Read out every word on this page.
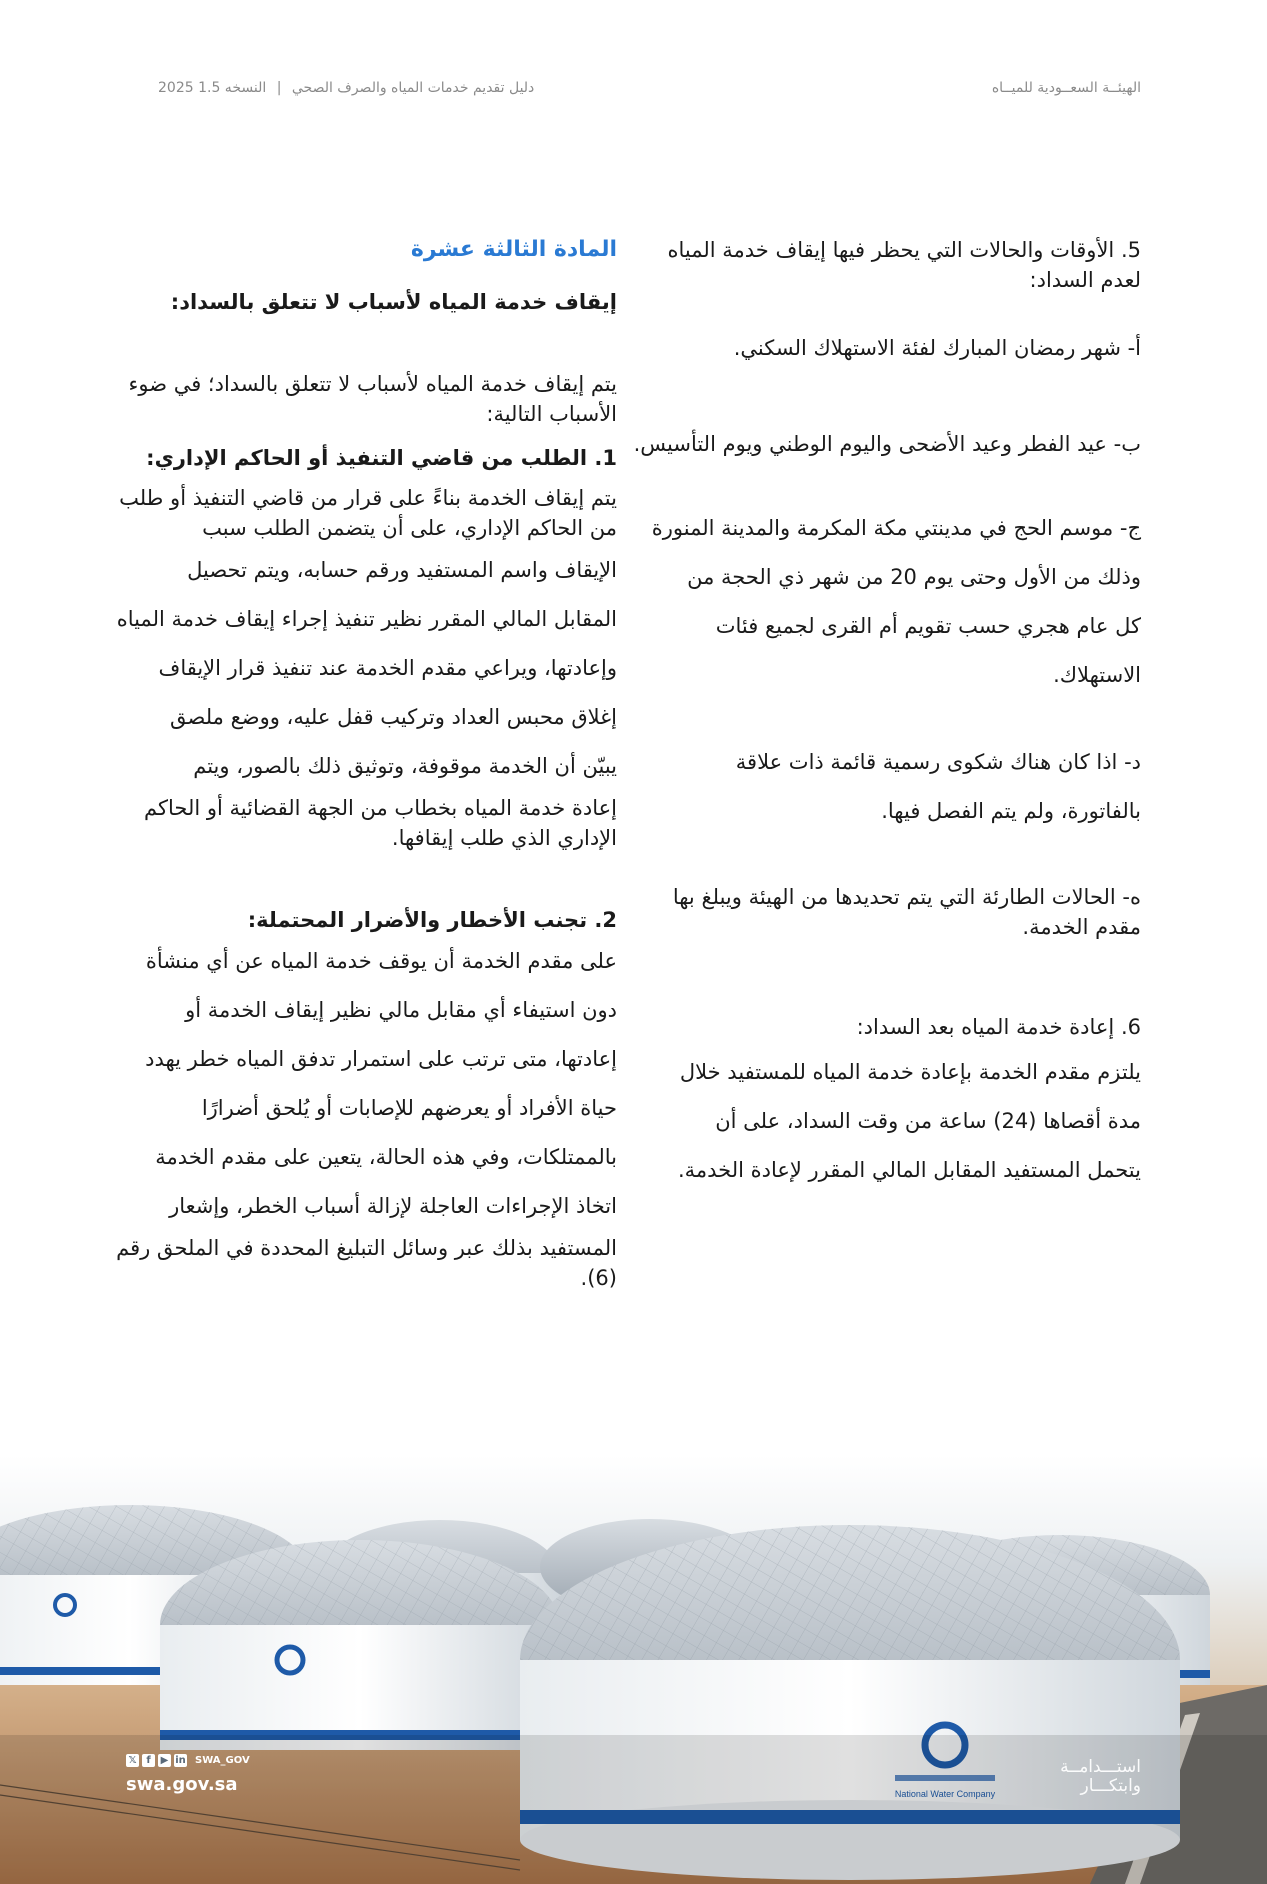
الهيئــة السعــودية للميــاه
دليل تقديم خدمات المياه والصرف الصحي | النسخه 1.5 2025

5. الأوقات والحالات التي يحظر فيها إيقاف خدمة المياه لعدم السداد:

أ- شهر رمضان المبارك لفئة الاستهلاك السكني.

ب- عيد الفطر وعيد الأضحى واليوم الوطني ويوم التأسيس.

ج- موسم الحج في مدينتي مكة المكرمة والمدينة المنورة
وذلك من الأول وحتى يوم 20 من شهر ذي الحجة من
كل عام هجري حسب تقويم أم القرى لجميع فئات
الاستهلاك.
د- اذا كان هناك شكوى رسمية قائمة ذات علاقة
بالفاتورة، ولم يتم الفصل فيها.

ه- الحالات الطارئة التي يتم تحديدها من الهيئة ويبلغ بها مقدم الخدمة.

6. إعادة خدمة المياه بعد السداد:

يلتزم مقدم الخدمة بإعادة خدمة المياه للمستفيد خلال
مدة أقصاها (24) ساعة من وقت السداد، على أن
يتحمل المستفيد المقابل المالي المقرر لإعادة الخدمة.

المادة الثالثة عشرة

إيقاف خدمة المياه لأسباب لا تتعلق بالسداد:

يتم إيقاف خدمة المياه لأسباب لا تتعلق بالسداد؛ في ضوء الأسباب التالية:

1. الطلب من قاضي التنفيذ أو الحاكم الإداري:

يتم إيقاف الخدمة بناءً على قرار من قاضي التنفيذ أو طلب من الحاكم الإداري، على أن يتضمن الطلب سبب

الإيقاف واسم المستفيد ورقم حسابه، ويتم تحصيل
المقابل المالي المقرر نظير تنفيذ إجراء إيقاف خدمة المياه
وإعادتها، ويراعي مقدم الخدمة عند تنفيذ قرار الإيقاف
إغلاق محبس العداد وتركيب قفل عليه، ووضع ملصق
يبيّن أن الخدمة موقوفة، وتوثيق ذلك بالصور، ويتم

إعادة خدمة المياه بخطاب من الجهة القضائية أو الحاكم الإداري الذي طلب إيقافها.

2. تجنب الأخطار والأضرار المحتملة:

على مقدم الخدمة أن يوقف خدمة المياه عن أي منشأة
دون استيفاء أي مقابل مالي نظير إيقاف الخدمة أو
إعادتها، متى ترتب على استمرار تدفق المياه خطر يهدد
حياة الأفراد أو يعرضهم للإصابات أو يُلحق أضرارًا
بالممتلكات، وفي هذه الحالة، يتعين على مقدم الخدمة
اتخاذ الإجراءات العاجلة لإزالة أسباب الخطر، وإشعار

المستفيد بذلك عبر وسائل التبليغ المحددة في الملحق رقم (6).

National Water Company
𝕏 f ▶ in SWA_GOV
swa.gov.sa
استـــدامــة
وابتكـــار
